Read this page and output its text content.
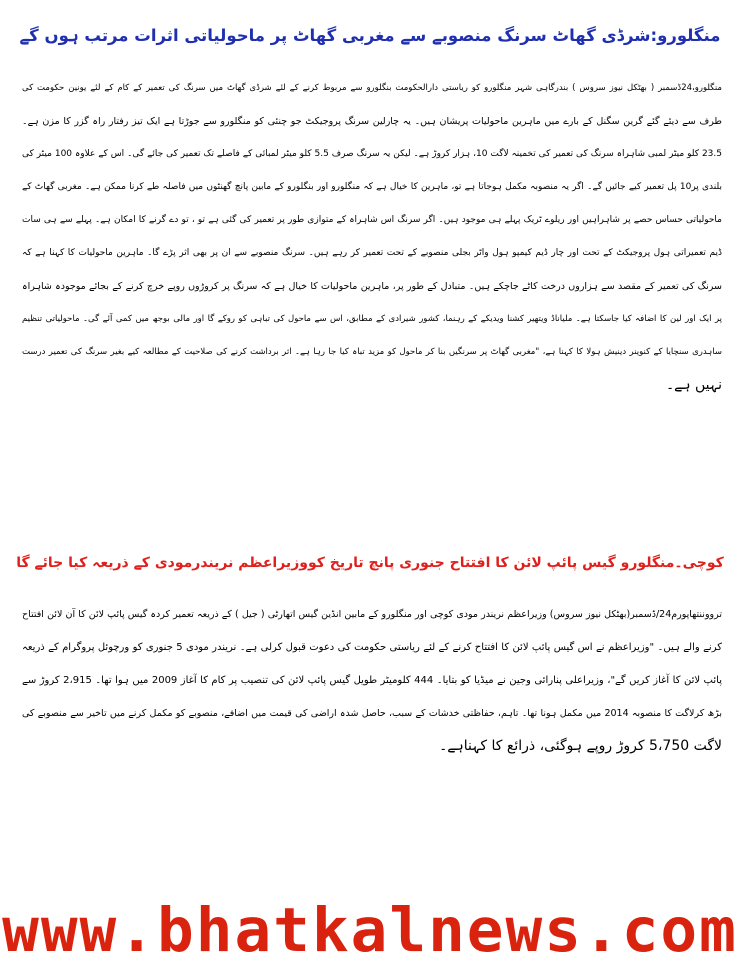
منگلورو:شرڈی گھاٹ سرنگ منصوبے سے مغربی گھاٹ پر ماحولیاتی اثرات مرتب ہوں گے

منگلورو،24ڈسمبر ( بھٹکل نیوز سروس ) بندرگاہی شہر منگلورو کو ریاستی دارالحکومت بنگلورو سے مربوط کرنے کے لئے شرڈی گھاٹ میں سرنگ کی تعمیر کے کام کے لئے یونین حکومت کی

طرف سے دیئے گئے گرین سگنل کے بارے میں ماہرین ماحولیات پریشان ہیں۔ یہ چارلین سرنگ پروجیکٹ جو چنئی کو منگلورو سے جوڑتا ہے ایک تیز رفتار راہ گزر کا مزن ہے۔

23.5 کلو میٹر لمبی شاہراہ سرنگ کی تعمیر کی تخمینہ لاگت 10، ہزار کروڑ ہے۔ لیکن یہ سرنگ صرف 5.5 کلو میٹر لمبائی کے فاصلے تک تعمیر کی جائے گی۔ اس کے علاوہ 100 میٹر کی

بلندی پر10 پل تعمیر کیے جائیں گے۔ اگر یہ منصوبہ مکمل ہوجاتا ہے تو، ماہرین کا خیال ہے کہ منگلورو اور بنگلورو کے مابین پانچ گھنٹوں میں فاصلہ طے کرنا ممکن ہے۔ مغربی گھاٹ کے

ماحولیاتی حساس حصے پر شاہراہیں اور ریلوے ٹریک پہلے ہی موجود ہیں۔ اگر سرنگ اس شاہراہ کے متوازی طور پر تعمیر کی گئی ہے تو ، تو دے گرنے کا امکان ہے۔ پہلے سے ہی سات

ڈیم تعمیراتی ہول پروجیکٹ کے تحت اور چار ڈیم کیمپو ہول واٹر بجلی منصوبے کے تحت تعمیر کر رہے ہیں۔ سرنگ منصوبے سے ان پر بھی اثر پڑے گا۔ ماہرین ماحولیات کا کہنا ہے کہ

سرنگ کی تعمیر کے مقصد سے ہزاروں درخت کاٹے جاچکے ہیں۔ متبادل کے طور پر، ماہرین ماحولیات کا خیال ہے کہ سرنگ پر کروڑوں روپے خرچ کرنے کے بجائے موجودہ شاہراہ

پر ایک اور لین کا اضافہ کیا جاسکتا ہے۔ ملیاناڈ ویتھیر کشنا ویدیکے کے رہنما، کشور شیرادی کے مطابق، اس سے ماحول کی تباہی کو روکے گا اور مالی بوجھ میں کمی آئے گی۔ ماحولیاتی تنظیم

ساہدری سنچایا کے کنوینر دینیش ہولا کا کہنا ہے، "مغربی گھاٹ پر سرنگیں بنا کر ماحول کو مزید تباہ کیا جا رہا ہے۔ اثر برداشت کرنے کی صلاحیت کے مطالعہ کیے بغیر سرنگ کی تعمیر درست

نہیں ہے۔

کوچی۔منگلورو گیس پائپ لائن کا افتتاح جنوری پانچ تاریخ کووزیراعظم نریندرمودی کے ذریعہ کیا جائے گا

ترووننتھاپورم24/ڈسمبر(بھٹکل نیوز سروس) وزیراعظم نریندر مودی کوچی اور منگلورو کے مابین انڈین گیس اتھارٹی ( جیل ) کے ذریعہ تعمیر کردہ گیس پائپ لائن کا آن لائن افتتاح

کرنے والے ہیں۔ "وزیراعظم نے اس گیس پائپ لائن کا افتتاح کرنے کے لئے ریاستی حکومت کی دعوت قبول کرلی ہے۔ نریندر مودی 5 جنوری کو ورچوئل پروگرام کے ذریعہ

پائپ لائن کا آغاز کریں گے"، وزیراعلی پنارائی وجین نے میڈیا کو بتایا۔ 444 کلومیٹر طویل گیس پائپ لائن کی تنصیب پر کام کا آغاز 2009 میں ہوا تھا۔ 2،915 کروڑ سے

بڑھ کرلاگت کا منصوبہ 2014 میں مکمل ہونا تھا۔ تاہم، حفاظتی خدشات کے سبب، حاصل شدہ اراضی کی قیمت میں اضافے، منصوبے کو مکمل کرنے میں تاخیر سے منصوبے کی

لاگت 5،750 کروڑ روپے ہوگئی، ذرائع کا کہناہے۔

www.bhatkalnews.com
